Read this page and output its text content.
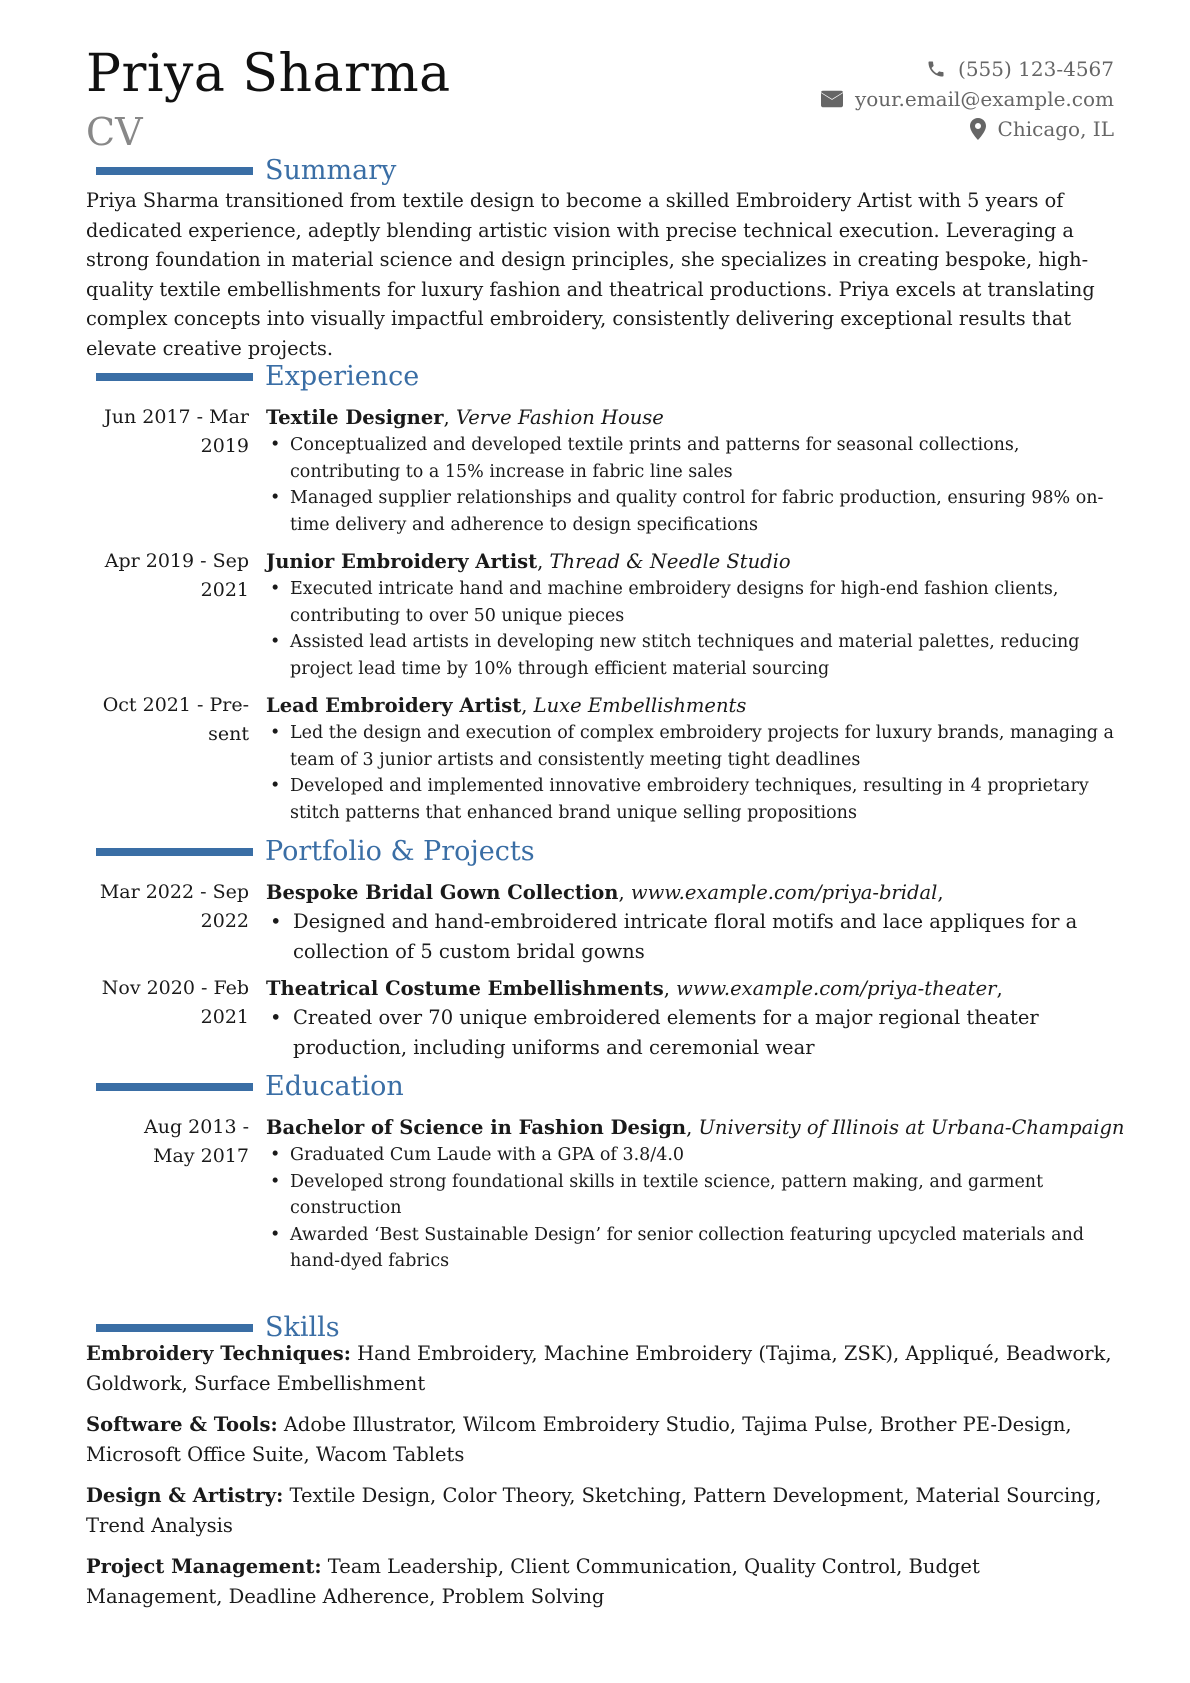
Priya Sharma
CV
(555) 123-4567
your.email@example.com
Chicago, IL
Summary

Priya Sharma transitioned from textile design to become a skilled Embroidery Artist with 5 years of dedicated experience, adeptly blending artistic vision with precise technical execution. Leveraging a strong foundation in material science and design principles, she specializes in creating bespoke, high-quality textile embellishments for luxury fashion and theatrical productions. Priya excels at translating complex concepts into visually impactful embroidery, consistently delivering exceptional results that elevate creative projects.

Experience
Jun 2017 - Mar
2019

Textile Designer, Verve Fashion House

• Conceptualized and developed textile prints and patterns for seasonal collections, contributing to a 15% increase in fabric line sales
• Managed supplier relationships and quality control for fabric production, ensuring 98% on-time delivery and adherence to design specifications
Apr 2019 - Sep
2021

Junior Embroidery Artist, Thread & Needle Studio

• Executed intricate hand and machine embroidery designs for high-end fashion clients, contributing to over 50 unique pieces
• Assisted lead artists in developing new stitch techniques and material palettes, reducing project lead time by 10% through efficient material sourcing
Oct 2021 - Pre-
sent

Lead Embroidery Artist, Luxe Embellishments

• Led the design and execution of complex embroidery projects for luxury brands, managing a team of 3 junior artists and consistently meeting tight deadlines
• Developed and implemented innovative embroidery techniques, resulting in 4 proprietary stitch patterns that enhanced brand unique selling propositions
Portfolio & Projects
Mar 2022 - Sep
2022

Bespoke Bridal Gown Collection, www.example.com/priya-bridal,

• Designed and hand-embroidered intricate floral motifs and lace appliques for a collection of 5 custom bridal gowns
Nov 2020 - Feb
2021

Theatrical Costume Embellishments, www.example.com/priya-theater,

• Created over 70 unique embroidered elements for a major regional theater production, including uniforms and ceremonial wear
Education
Aug 2013 -
May 2017

Bachelor of Science in Fashion Design, University of Illinois at Urbana-Champaign

• Graduated Cum Laude with a GPA of 3.8/4.0
• Developed strong foundational skills in textile science, pattern making, and garment construction
• Awarded ‘Best Sustainable Design’ for senior collection featuring upcycled materials and hand-dyed fabrics
Skills

Embroidery Techniques: Hand Embroidery, Machine Embroidery (Tajima, ZSK), Appliqué, Beadwork, Goldwork, Surface Embellishment

Software & Tools: Adobe Illustrator, Wilcom Embroidery Studio, Tajima Pulse, Brother PE-Design, Microsoft Office Suite, Wacom Tablets

Design & Artistry: Textile Design, Color Theory, Sketching, Pattern Development, Material Sourcing, Trend Analysis

Project Management: Team Leadership, Client Communication, Quality Control, Budget Management, Deadline Adherence, Problem Solving
